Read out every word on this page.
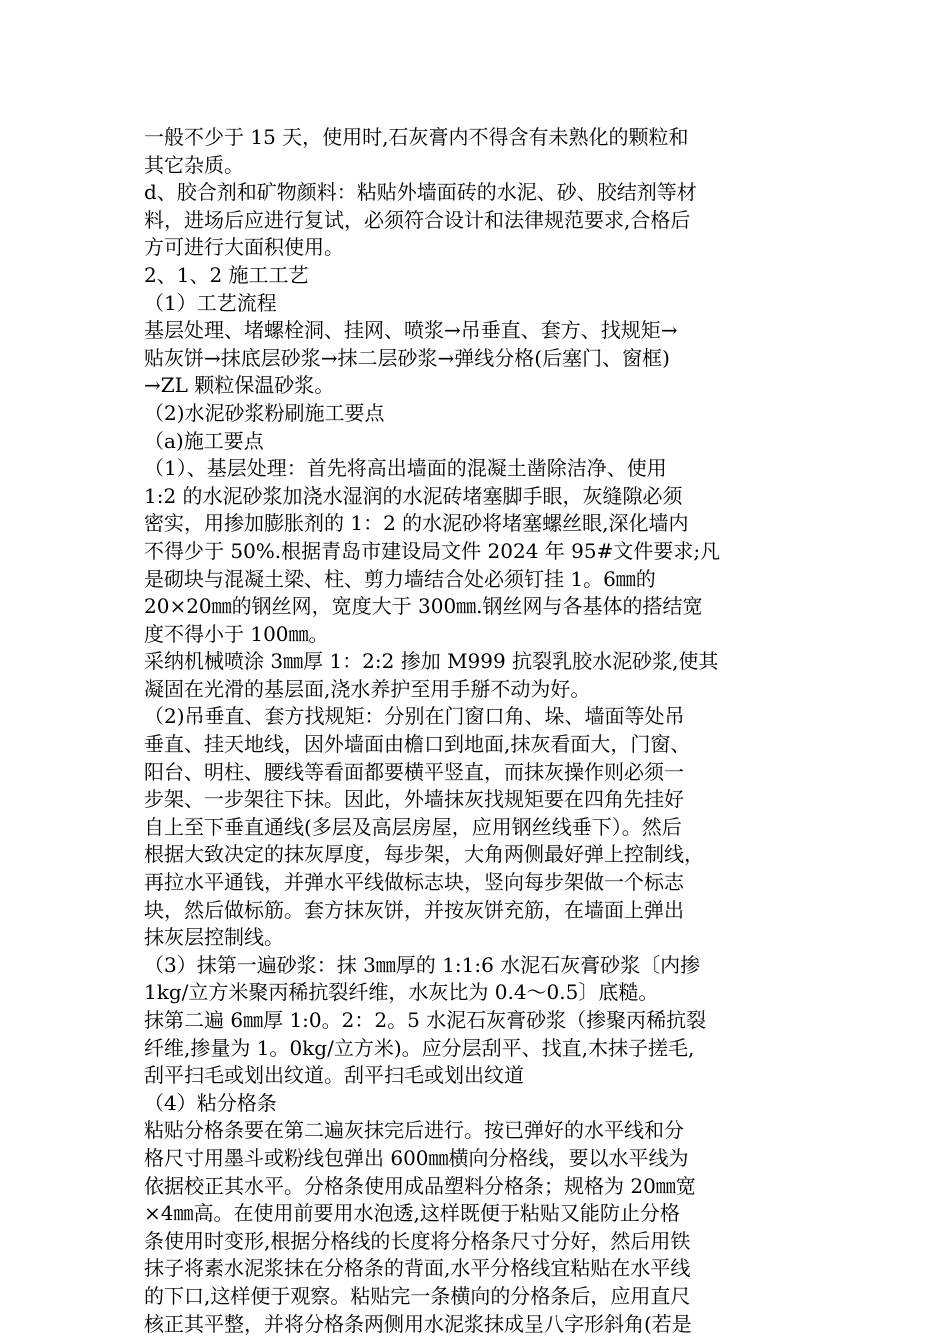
一般不少于 15 天，使用时,石灰膏内不得含有未熟化的颗粒和
其它杂质。
d、胶合剂和矿物颜料：粘贴外墙面砖的水泥、砂、胶结剂等材
料，进场后应进行复试，必须符合设计和法律规范要求,合格后
方可进行大面积使用。
2、1、2 施工工艺
（1）工艺流程
基层处理、堵螺栓洞、挂网、喷浆→吊垂直、套方、找规矩→
贴灰饼→抹底层砂浆→抹二层砂浆→弹线分格(后塞门、窗框)
→ZL 颗粒保温砂浆。
（2)水泥砂浆粉刷施工要点
（a)施工要点
（1）、基层处理：首先将高出墙面的混凝土凿除洁净、使用
1:2 的水泥砂浆加浇水湿润的水泥砖堵塞脚手眼，灰缝隙必须
密实，用掺加膨胀剂的 1：2 的水泥砂将堵塞螺丝眼,深化墙内
不得少于 50%.根据青岛市建设局文件 2024 年 95#文件要求;凡
是砌块与混凝土梁、柱、剪力墙结合处必须钉挂 1。6㎜的
20×20㎜的钢丝网，宽度大于 300㎜.钢丝网与各基体的搭结宽
度不得小于 100㎜。
采纳机械喷涂 3㎜厚 1：2:2 掺加 M999 抗裂乳胶水泥砂浆,使其
凝固在光滑的基层面,浇水养护至用手掰不动为好。
（2)吊垂直、套方找规矩：分别在门窗口角、垛、墙面等处吊
垂直、挂天地线，因外墙面由檐口到地面,抹灰看面大，门窗、
阳台、明柱、腰线等看面都要横平竖直，而抹灰操作则必须一
步架、一步架往下抹。因此，外墙抹灰找规矩要在四角先挂好
自上至下垂直通线(多层及高层房屋，应用钢丝线垂下）。然后
根据大致决定的抹灰厚度，每步架，大角两侧最好弹上控制线，
再拉水平通钱，并弹水平线做标志块，竖向每步架做一个标志
块，然后做标筋。套方抹灰饼，并按灰饼充筋，在墙面上弹出
抹灰层控制线。
（3）抹第一遍砂浆：抹 3㎜厚的 1:1:6 水泥石灰膏砂浆〔内掺
1kg/立方米聚丙稀抗裂纤维，水灰比为 0.4～0.5〕底糙。
抹第二遍 6㎜厚 1:0。2：2。5 水泥石灰膏砂浆（掺聚丙稀抗裂
纤维,掺量为 1。0kg/立方米)。应分层刮平、找直,木抹子搓毛,
刮平扫毛或划出纹道。刮平扫毛或划出纹道
（4）粘分格条
粘贴分格条要在第二遍灰抹完后进行。按已弹好的水平线和分
格尺寸用墨斗或粉线包弹出 600㎜横向分格线，要以水平线为
依据校正其水平。分格条使用成品塑料分格条；规格为 20㎜宽
×4㎜高。在使用前要用水泡透,这样既便于粘贴又能防止分格
条使用时变形,根据分格线的长度将分格条尺寸分好，然后用铁
抹子将素水泥浆抹在分格条的背面,水平分格线宜粘贴在水平线
的下口,这样便于观察。粘贴完一条横向的分格条后，应用直尺
核正其平整，并将分格条两侧用水泥浆抹成呈八字形斜角(若是
